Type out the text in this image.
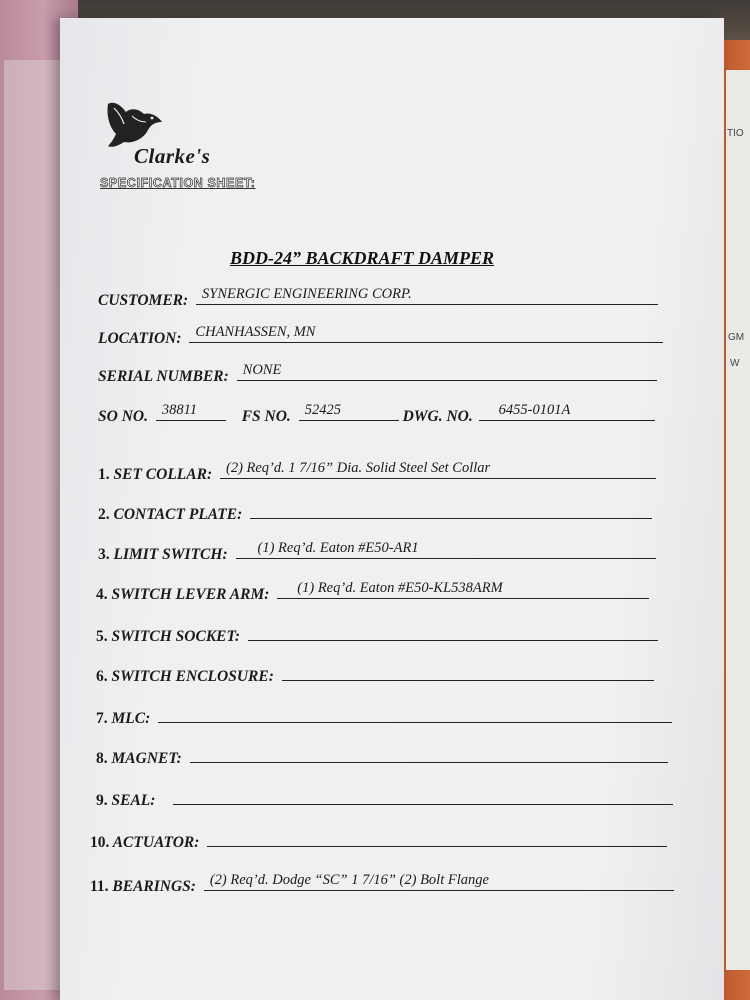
TIO
GM
W
Clarke's
SPECIFICATION SHEET:
BDD-24” BACKDRAFT DAMPER
CUSTOMER: SYNERGIC ENGINEERING CORP.
LOCATION: CHANHASSEN, MN
SERIAL NUMBER: NONE
SO NO. 38811	FS NO. 52425	DWG. NO. 6455-0101A
1. SET COLLAR: (2) Req’d. 1 7/16” Dia. Solid Steel Set Collar
2. CONTACT PLATE:
3. LIMIT SWITCH: (1) Req’d. Eaton #E50-AR1
4. SWITCH LEVER ARM: (1) Req’d. Eaton #E50-KL538ARM
5. SWITCH SOCKET:
6. SWITCH ENCLOSURE:
7. MLC:
8. MAGNET:
9. SEAL:
10. ACTUATOR:
11. BEARINGS: (2) Req’d. Dodge “SC” 1 7/16” (2) Bolt Flange
